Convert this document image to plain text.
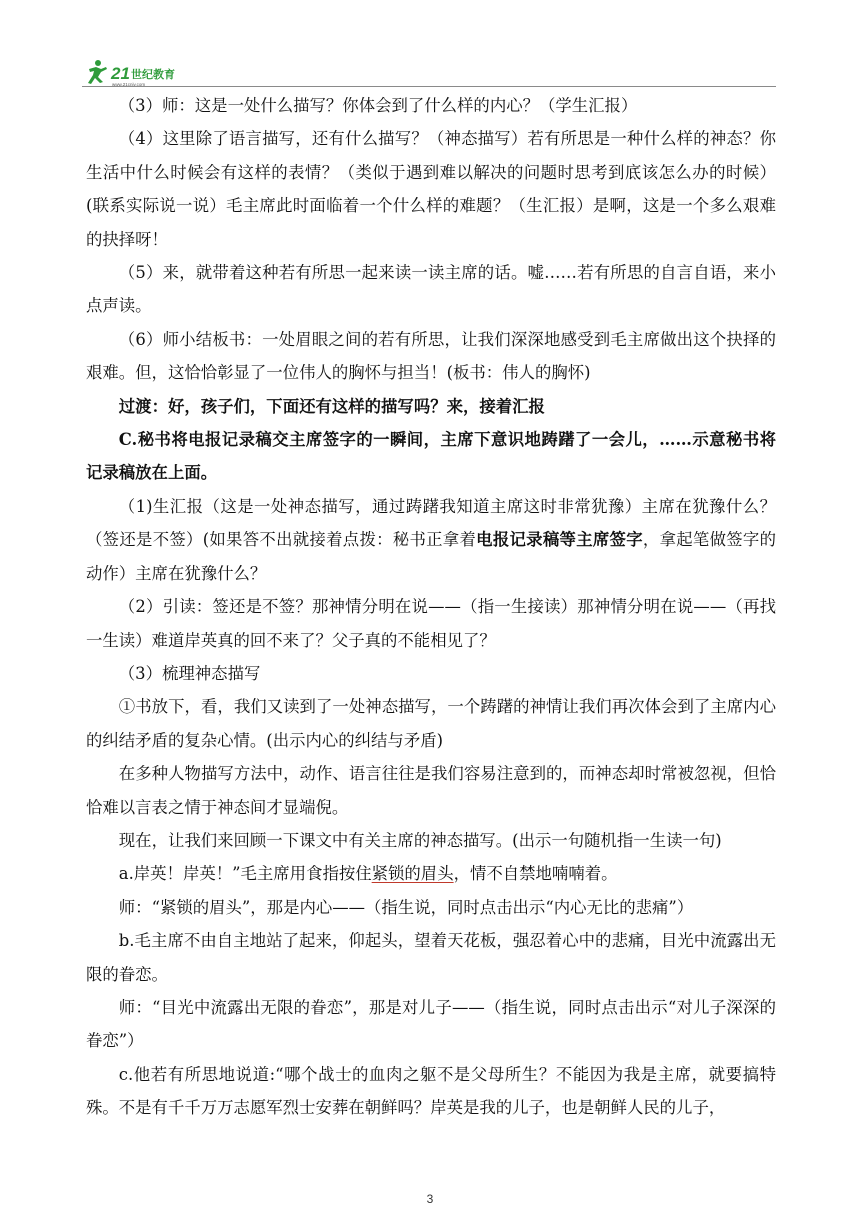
21 世纪教育
www.21cnjy.com

（3）师：这是一处什么描写？你体会到了什么样的内心？（学生汇报）

（4）这里除了语言描写，还有什么描写？（神态描写）若有所思是一种什么样的神态？你生活中什么时候会有这样的表情？（类似于遇到难以解决的问题时思考到底该怎么办的时候）(联系实际说一说）毛主席此时面临着一个什么样的难题？（生汇报）是啊，这是一个多么艰难的抉择呀！

（5）来，就带着这种若有所思一起来读一读主席的话。嘘……若有所思的自言自语，来小点声读。

（6）师小结板书：一处眉眼之间的若有所思，让我们深深地感受到毛主席做出这个抉择的艰难。但，这恰恰彰显了一位伟人的胸怀与担当！(板书：伟人的胸怀)

过渡：好，孩子们，下面还有这样的描写吗？来，接着汇报

C.秘书将电报记录稿交主席签字的一瞬间，主席下意识地踌躇了一会儿，……示意秘书将记录稿放在上面。

（1)生汇报（这是一处神态描写，通过踌躇我知道主席这时非常犹豫）主席在犹豫什么？（签还是不签）(如果答不出就接着点拨：秘书正拿着电报记录稿等主席签字，拿起笔做签字的动作）主席在犹豫什么？

（2）引读：签还是不签？那神情分明在说——（指一生接读）那神情分明在说——（再找一生读）难道岸英真的回不来了？父子真的不能相见了？

（3）梳理神态描写

①书放下，看，我们又读到了一处神态描写，一个踌躇的神情让我们再次体会到了主席内心的纠结矛盾的复杂心情。(出示内心的纠结与矛盾)

在多种人物描写方法中，动作、语言往往是我们容易注意到的，而神态却时常被忽视，但恰恰难以言表之情于神态间才显端倪。

现在，让我们来回顾一下课文中有关主席的神态描写。(出示一句随机指一生读一句)

a.岸英！岸英！”毛主席用食指按住紧锁的眉头，情不自禁地喃喃着。

师：“紧锁的眉头”，那是内心——（指生说，同时点击出示“内心无比的悲痛”）

b.毛主席不由自主地站了起来，仰起头，望着天花板，强忍着心中的悲痛，目光中流露出无限的眷恋。

师：“目光中流露出无限的眷恋”，那是对儿子——（指生说，同时点击出示“对儿子深深的眷恋”）

c.他若有所思地说道:“哪个战士的血肉之躯不是父母所生？不能因为我是主席，就要搞特殊。不是有千千万万志愿军烈士安葬在朝鲜吗？岸英是我的儿子，也是朝鲜人民的儿子，

3
